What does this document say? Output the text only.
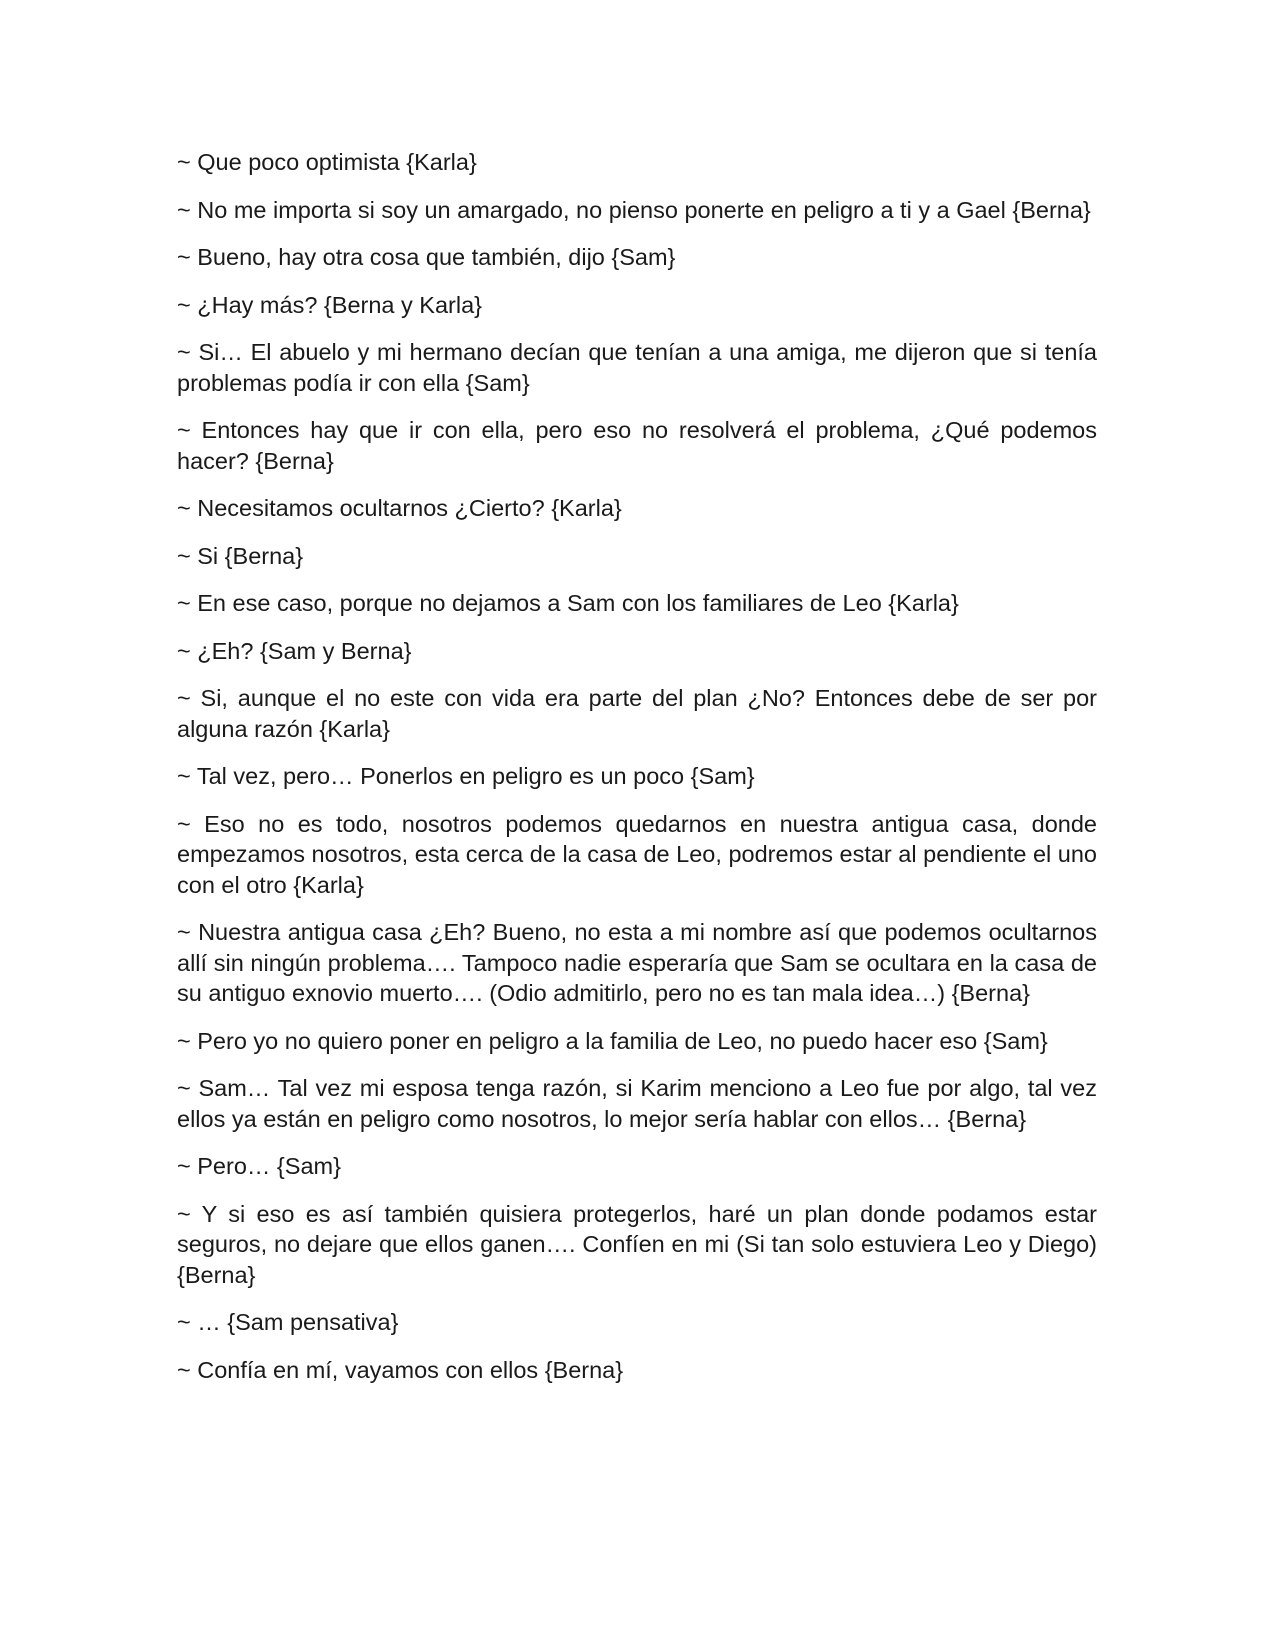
~ Que poco optimista {Karla}

~ No me importa si soy un amargado, no pienso ponerte en peligro a ti y a Gael {Berna}

~ Bueno, hay otra cosa que también, dijo {Sam}

~ ¿Hay más? {Berna y Karla}

~ Si… El abuelo y mi hermano decían que tenían a una amiga, me dijeron que si tenía problemas podía ir con ella {Sam}

~ Entonces hay que ir con ella, pero eso no resolverá el problema, ¿Qué podemos hacer? {Berna}

~ Necesitamos ocultarnos ¿Cierto? {Karla}

~ Si {Berna}

~ En ese caso, porque no dejamos a Sam con los familiares de Leo {Karla}

~ ¿Eh? {Sam y Berna}

~ Si, aunque el no este con vida era parte del plan ¿No? Entonces debe de ser por alguna razón {Karla}

~ Tal vez, pero… Ponerlos en peligro es un poco {Sam}

~ Eso no es todo, nosotros podemos quedarnos en nuestra antigua casa, donde empezamos nosotros, esta cerca de la casa de Leo, podremos estar al pendiente el uno con el otro {Karla}

~ Nuestra antigua casa ¿Eh? Bueno, no esta a mi nombre así que podemos ocultarnos allí sin ningún problema…. Tampoco nadie esperaría que Sam se ocultara en la casa de su antiguo exnovio muerto…. (Odio admitirlo, pero no es tan mala idea…) {Berna}

~ Pero yo no quiero poner en peligro a la familia de Leo, no puedo hacer eso {Sam}

~ Sam… Tal vez mi esposa tenga razón, si Karim menciono a Leo fue por algo, tal vez ellos ya están en peligro como nosotros, lo mejor sería hablar con ellos… {Berna}

~ Pero… {Sam}

~ Y si eso es así también quisiera protegerlos, haré un plan donde podamos estar seguros, no dejare que ellos ganen…. Confíen en mi (Si tan solo estuviera Leo y Diego) {Berna}

~ … {Sam pensativa}

~ Confía en mí, vayamos con ellos {Berna}
